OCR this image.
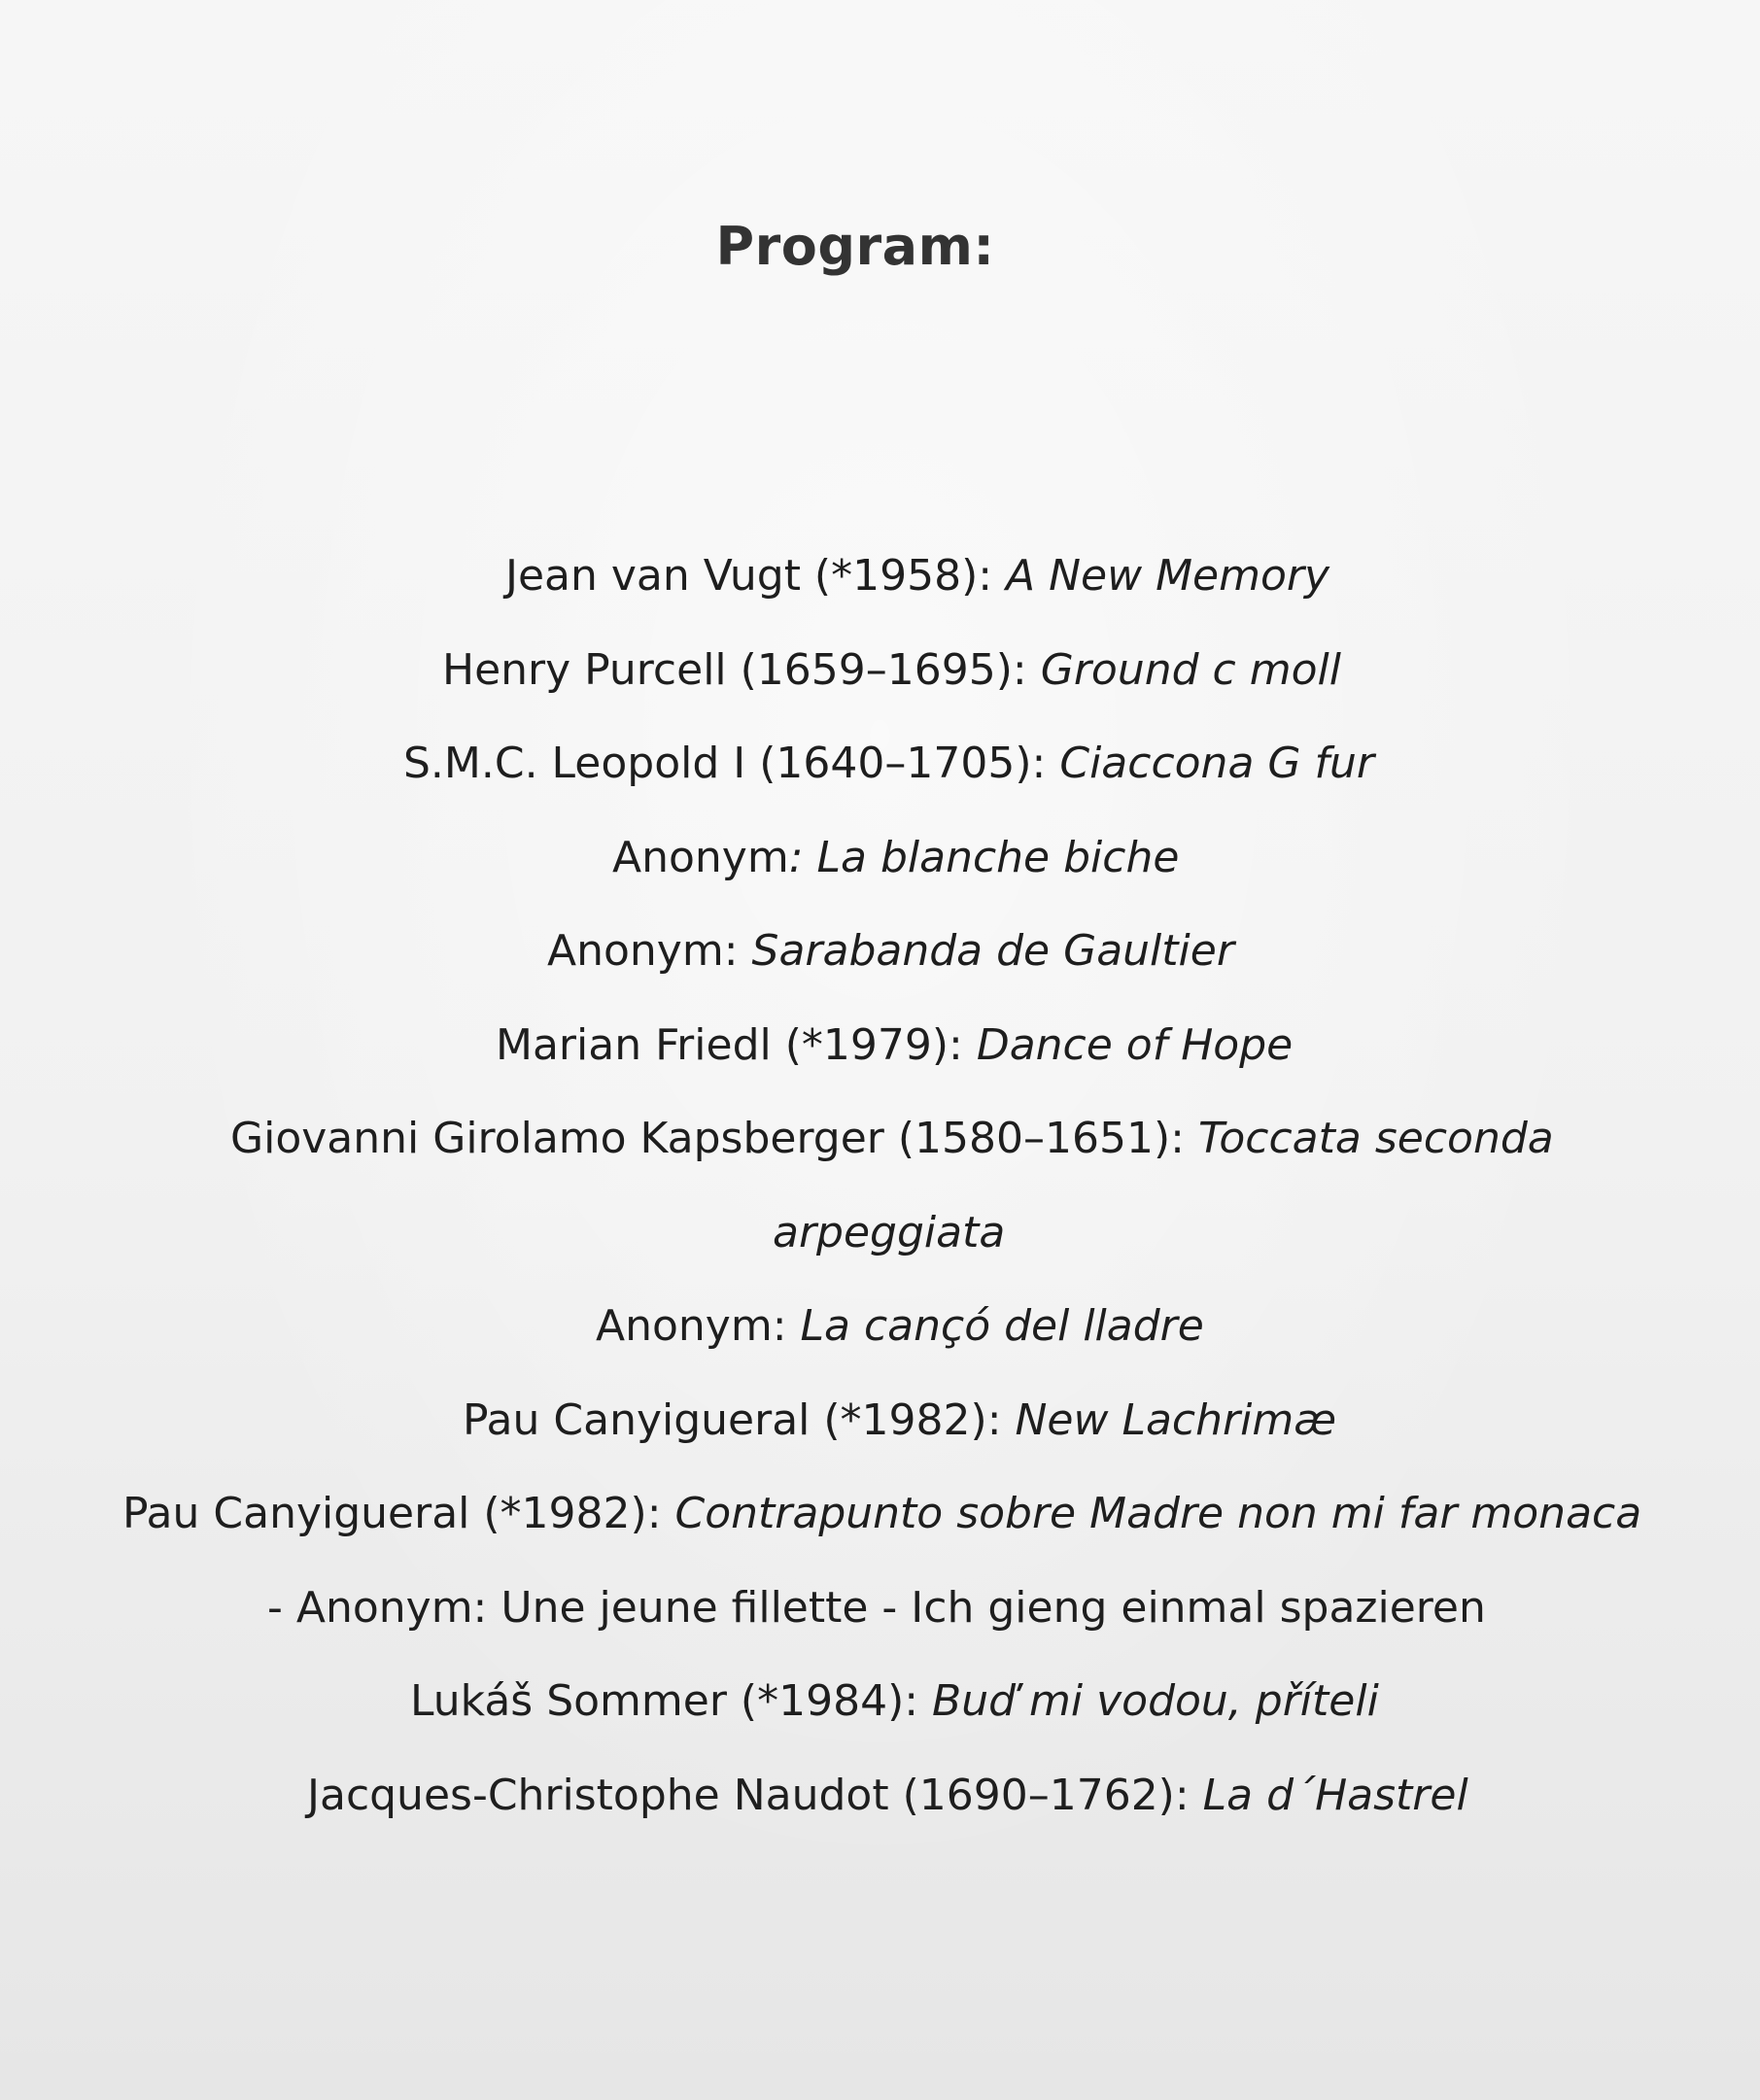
Program:
Jean van Vugt (*1958): A New Memory
Henry Purcell (1659–1695): Ground c moll
S.M.C. Leopold I (1640–1705): Ciaccona G fur
Anonym: La blanche biche
Anonym: Sarabanda de Gaultier
Marian Friedl (*1979): Dance of Hope
Giovanni Girolamo Kapsberger (1580–1651): Toccata seconda
arpeggiata
Anonym: La cançó del lladre
Pau Canyigueral (*1982): New Lachrimæ
Pau Canyigueral (*1982): Contrapunto sobre Madre non mi far monaca
- Anonym: Une jeune fillette - Ich gieng einmal spazieren
Lukáš Sommer (*1984): Buď mi vodou, příteli
Jacques-Christophe Naudot (1690–1762): La d´Hastrel
